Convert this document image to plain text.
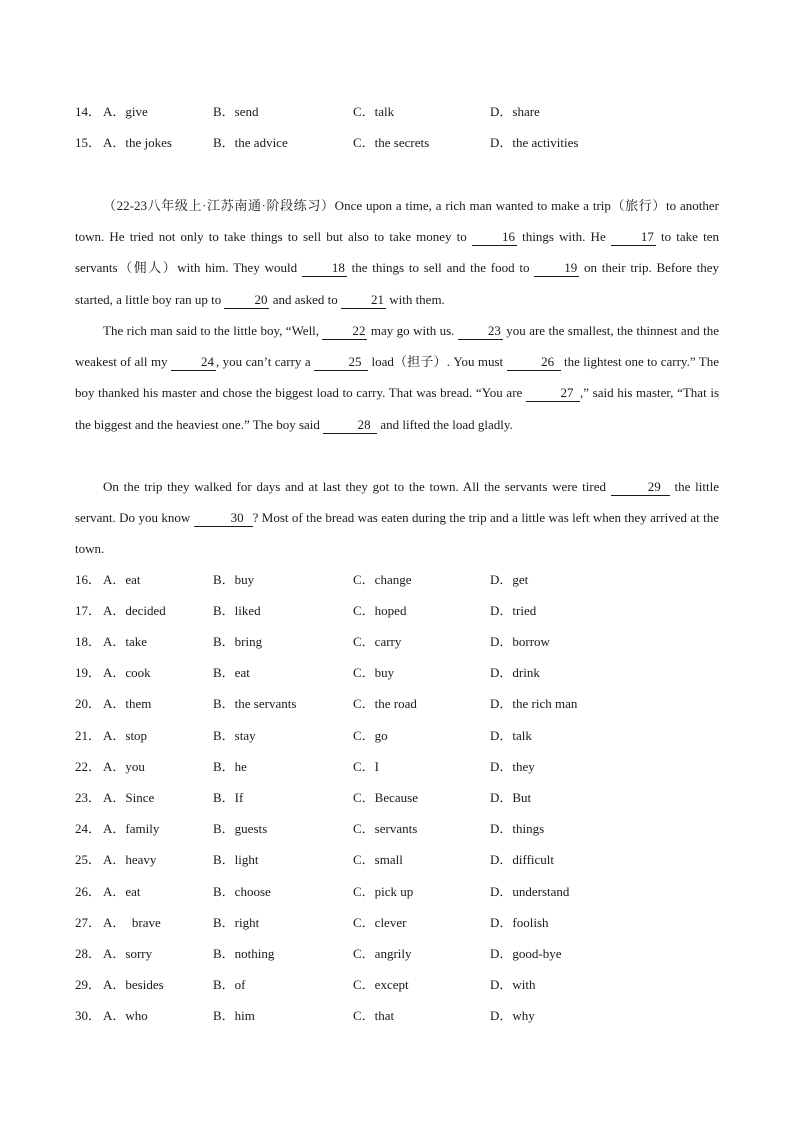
14． A．give	B．send	C．talk	D．share
15． A．the jokes	B．the advice	C．the secrets	D．the activities
（22-23八年级上·江苏南通·阶段练习）Once upon a time, a rich man wanted to make a trip（旅行）to another town. He tried not only to take things to sell but also to take money to 16 things with. He 17 to take ten servants（佣人）with him. They would 18 the things to sell and the food to 19 on their trip. Before they started, a little boy ran up to 20 and asked to 21 with them.
The rich man said to the little boy, “Well, 22 may go with us. 23 you are the smallest, the thinnest and the weakest of all my 24 , you can’t carry a	25 load（担子）. You must	26 the lightest one to carry.” The boy thanked his master and chose the biggest load to carry. That was bread. “You are	27 ,” said his master, “That is the biggest and the heaviest one.” The boy said	28 and lifted the load gladly.
On the trip they walked for days and at last they got to the town. All the servants were tired	29 the little servant. Do you know	30 ? Most of the bread was eaten during the trip and a little was left when they arrived at the town.
16． A．eat	B．buy	C．change	D．get
17． A．decided	B．liked	C．hoped	D．tried
18． A．take	B．bring	C．carry	D．borrow
19． A．cook	B．eat	C．buy	D．drink
20． A．them	B．the servants	C．the road	D．the rich man
21． A．stop	B．stay	C．go	D．talk
22． A．you	B．he	C．I	D．they
23． A．Since	B．If	C．Because	D．But
24． A．family	B．guests	C．servants	D．things
25． A．heavy	B．light	C．small	D．difficult
26． A．eat	B．choose	C．pick up	D．understand
27． A．  brave	B．right	C．clever	D．foolish
28． A．sorry	B．nothing	C．angrily	D．good-bye
29． A．besides	B．of	C．except	D．with
30． A．who	B．him	C．that	D．why
